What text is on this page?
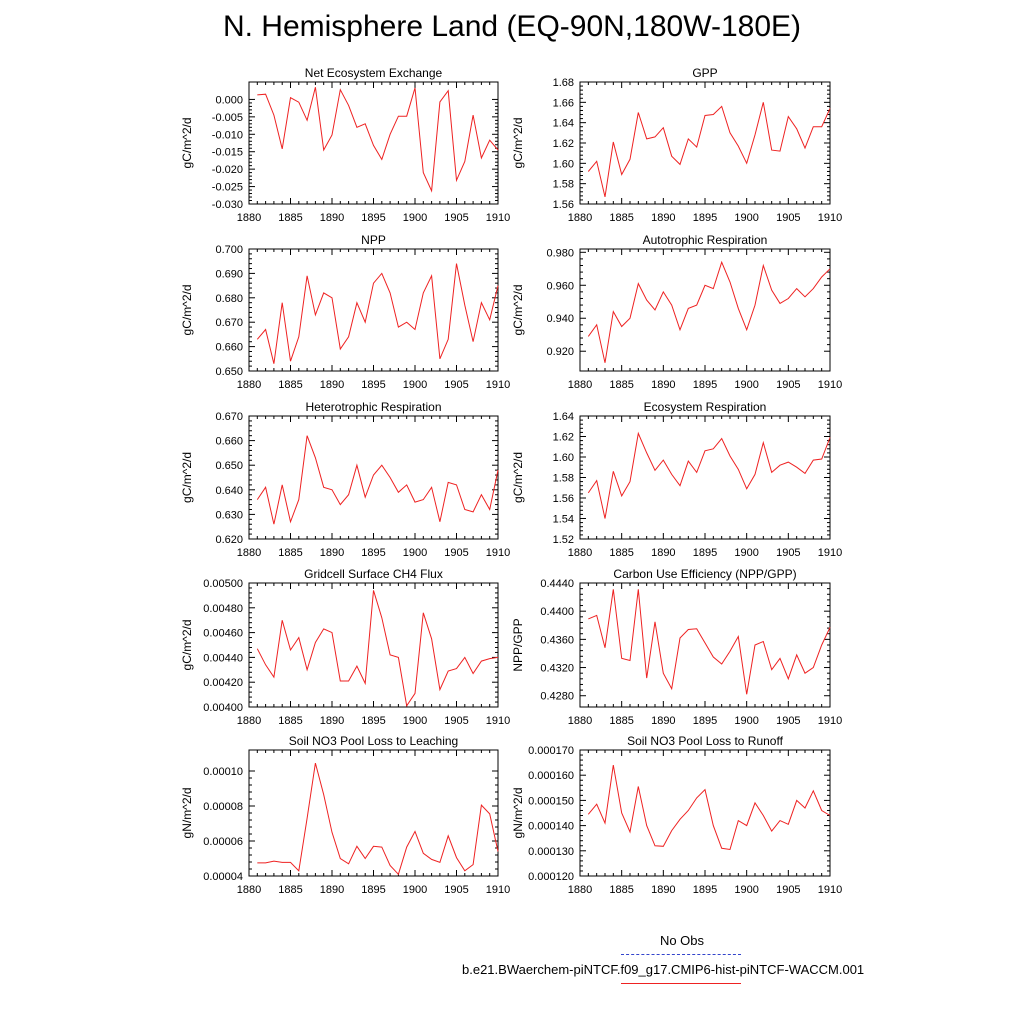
N. Hemisphere Land (EQ-90N,180W-180E)
Net Ecosystem Exchange
gC/m^2/d
1880 1885 1890 1895 1900 1905 1910
0.000
-0.005
-0.010
-0.015
-0.020
-0.025
-0.030
GPP
gC/m^2/d
1880 1885 1890 1895 1900 1905 1910
1.56
1.58
1.60
1.62
1.64
1.66
1.68
NPP
gC/m^2/d
1880 1885 1890 1895 1900 1905 1910
0.650
0.660
0.670
0.680
0.690
0.700
Autotrophic Respiration
gC/m^2/d
1880 1885 1890 1895 1900 1905 1910
0.920
0.940
0.960
0.980
Heterotrophic Respiration
gC/m^2/d
1880 1885 1890 1895 1900 1905 1910
0.620
0.630
0.640
0.650
0.660
0.670
Ecosystem Respiration
gC/m^2/d
1880 1885 1890 1895 1900 1905 1910
1.52
1.54
1.56
1.58
1.60
1.62
1.64
Gridcell Surface CH4 Flux
gC/m^2/d
1880 1885 1890 1895 1900 1905 1910
0.00400
0.00420
0.00440
0.00460
0.00480
0.00500
Carbon Use Efficiency (NPP/GPP)
NPP/GPP
1880 1885 1890 1895 1900 1905 1910
0.4280
0.4320
0.4360
0.4400
0.4440
Soil NO3 Pool Loss to Leaching
gN/m^2/d
1880 1885 1890 1895 1900 1905 1910
0.00004
0.00006
0.00008
0.00010
Soil NO3 Pool Loss to Runoff
gN/m^2/d
1880 1885 1890 1895 1900 1905 1910
0.000120
0.000130
0.000140
0.000150
0.000160
0.000170
No Obs
b.e21.BWaerchem-piNTCF.f09_g17.CMIP6-hist-piNTCF-WACCM.001
